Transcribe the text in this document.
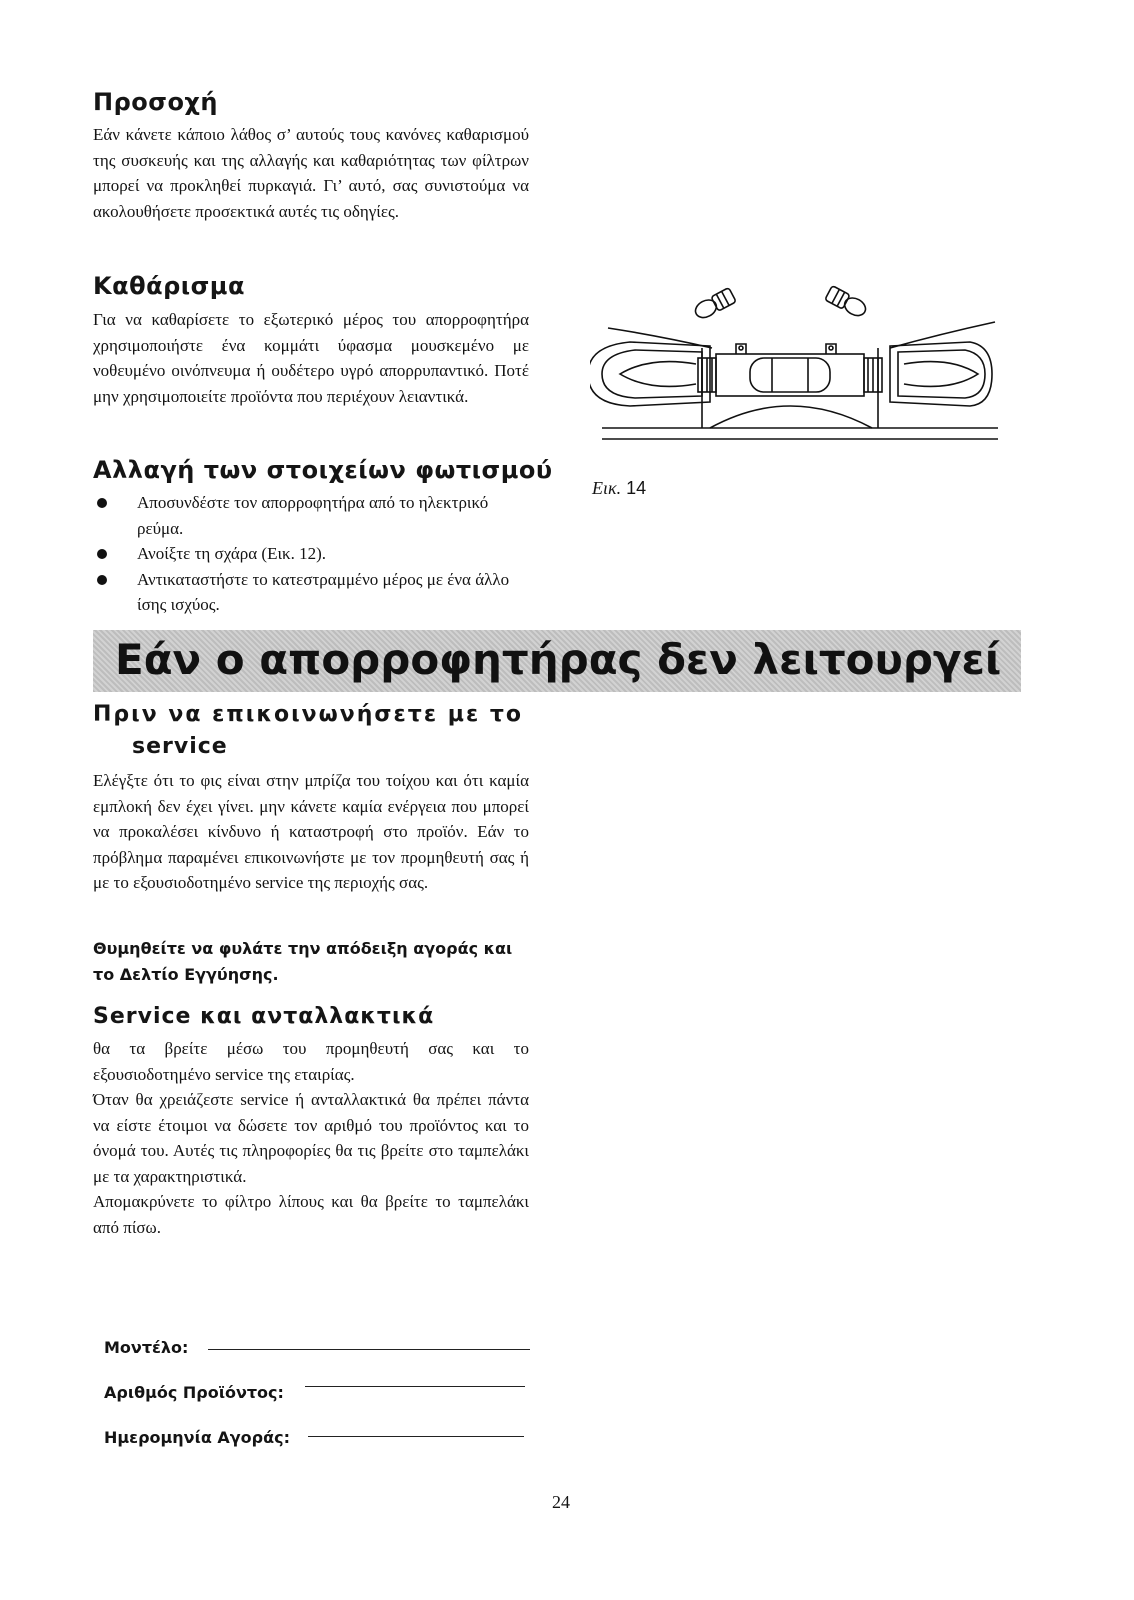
Προσοχή

Εάν κάνετε κάποιο λάθος σ’ αυτούς τους κανόνες καθαρισμού της συσκευής και της αλλαγής και καθαριότητας των φίλτρων μπορεί να προκληθεί πυρκαγιά. Γι’ αυτό, σας συνιστούμα να ακολουθήσετε προσεκτικά αυτές τις οδηγίες.

Καθάρισμα

Για να καθαρίσετε το εξωτερικό μέρος του απορροφητήρα χρησιμοποιήστε ένα κομμάτι ύφασμα μουσκεμένο με νοθευμένο οινόπνευμα ή ουδέτερο υγρό απορρυπαντικό. Ποτέ μην χρησιμοποιείτε προϊόντα που περιέχουν λειαντικά.

Αλλαγή των στοιχείων φωτισμού
Αποσυνδέστε τον απορροφητήρα από το ηλεκτρικό ρεύμα.
Ανοίξτε τη σχάρα (Εικ. 12).
Αντικαταστήστε το κατεστραμμένο μέρος με ένα άλλο ίσης ισχύος.
Εικ. 14
Εάν ο απορροφητήρας δεν λειτουργεί
Πριν να επικοινωνήσετε με το
service

Ελέγξτε ότι το φις είναι στην μπρίζα του τοίχου και ότι καμία εμπλοκή δεν έχει γίνει. μην κάνετε καμία ενέργεια που μπορεί να προκαλέσει κίνδυνο ή καταστροφή στο προϊόν. Εάν το πρόβλημα παραμένει επικοινωνήστε με τον προμηθευτή σας ή με το εξουσιοδοτημένο service της περιοχής σας.

Θυμηθείτε να φυλάτε την απόδειξη αγοράς και το Δελτίο Εγγύησης.

Service και ανταλλακτικά

θα τα βρείτε μέσω του προμηθευτή σας και το εξουσιοδοτημένο service της εταιρίας.

Όταν θα χρειάζεστε service ή ανταλλακτικά θα πρέπει πάντα να είστε έτοιμοι να δώσετε τον αριθμό του προϊόντος και το όνομά του. Αυτές τις πληροφορίες θα τις βρείτε στο ταμπελάκι με τα χαρακτηριστικά.

Απομακρύνετε το φίλτρο λίπους και θα βρείτε το ταμπελάκι από πίσω.

Μοντέλο:
Αριθμός Προϊόντος:
Ημερομηνία Αγοράς:
24
